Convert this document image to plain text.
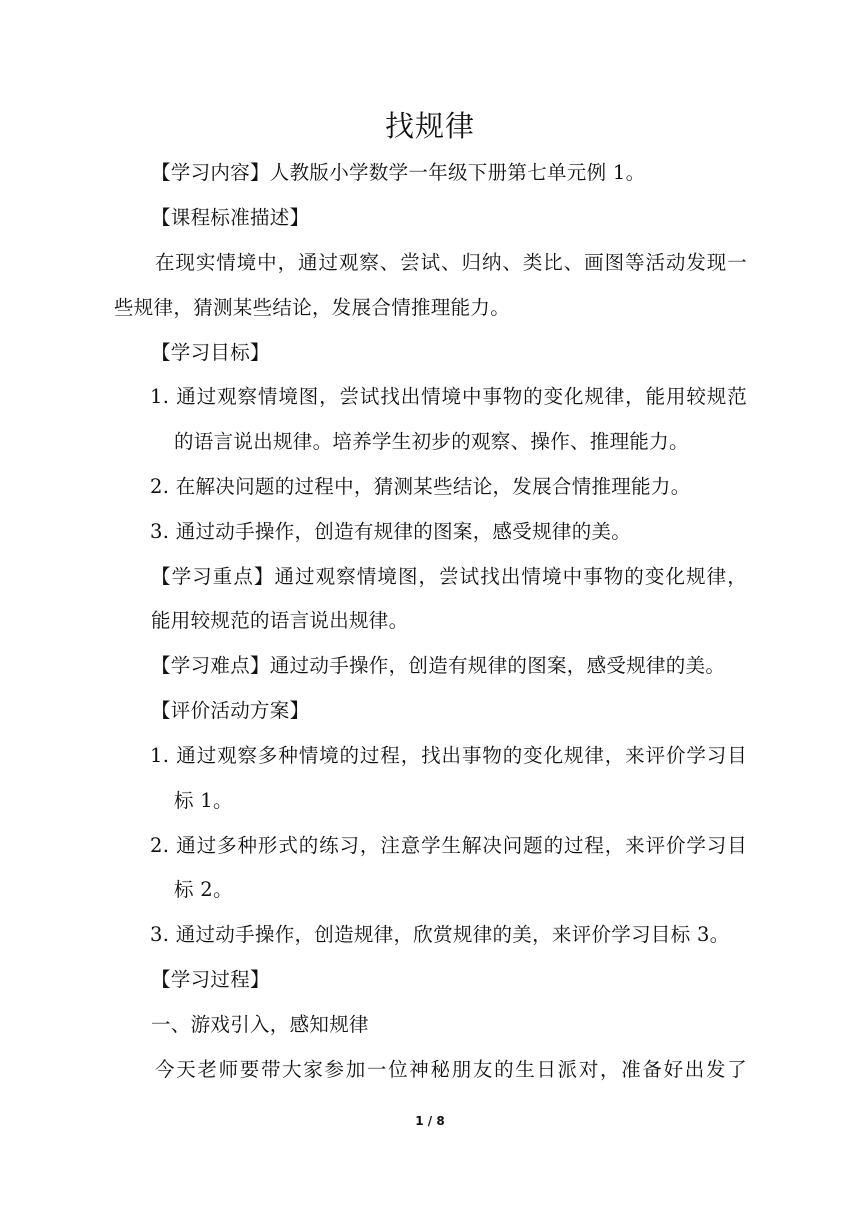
找规律
【学习内容】人教版小学数学一年级下册第七单元例 1。
【课程标准描述】
在现实情境中，通过观察、尝试、归纳、类比、画图等活动发现一
些规律，猜测某些结论，发展合情推理能力。
【学习目标】
1. 通过观察情境图，尝试找出情境中事物的变化规律，能用较规范
的语言说出规律。培养学生初步的观察、操作、推理能力。
2. 在解决问题的过程中，猜测某些结论，发展合情推理能力。
3. 通过动手操作，创造有规律的图案，感受规律的美。
【学习重点】通过观察情境图，尝试找出情境中事物的变化规律，
能用较规范的语言说出规律。
【学习难点】通过动手操作，创造有规律的图案，感受规律的美。
【评价活动方案】
1. 通过观察多种情境的过程，找出事物的变化规律，来评价学习目
标 1。
2. 通过多种形式的练习，注意学生解决问题的过程，来评价学习目
标 2。
3. 通过动手操作，创造规律，欣赏规律的美，来评价学习目标 3。
【学习过程】
一、游戏引入，感知规律
今天老师要带大家参加一位神秘朋友的生日派对，准备好出发了
1 / 8
